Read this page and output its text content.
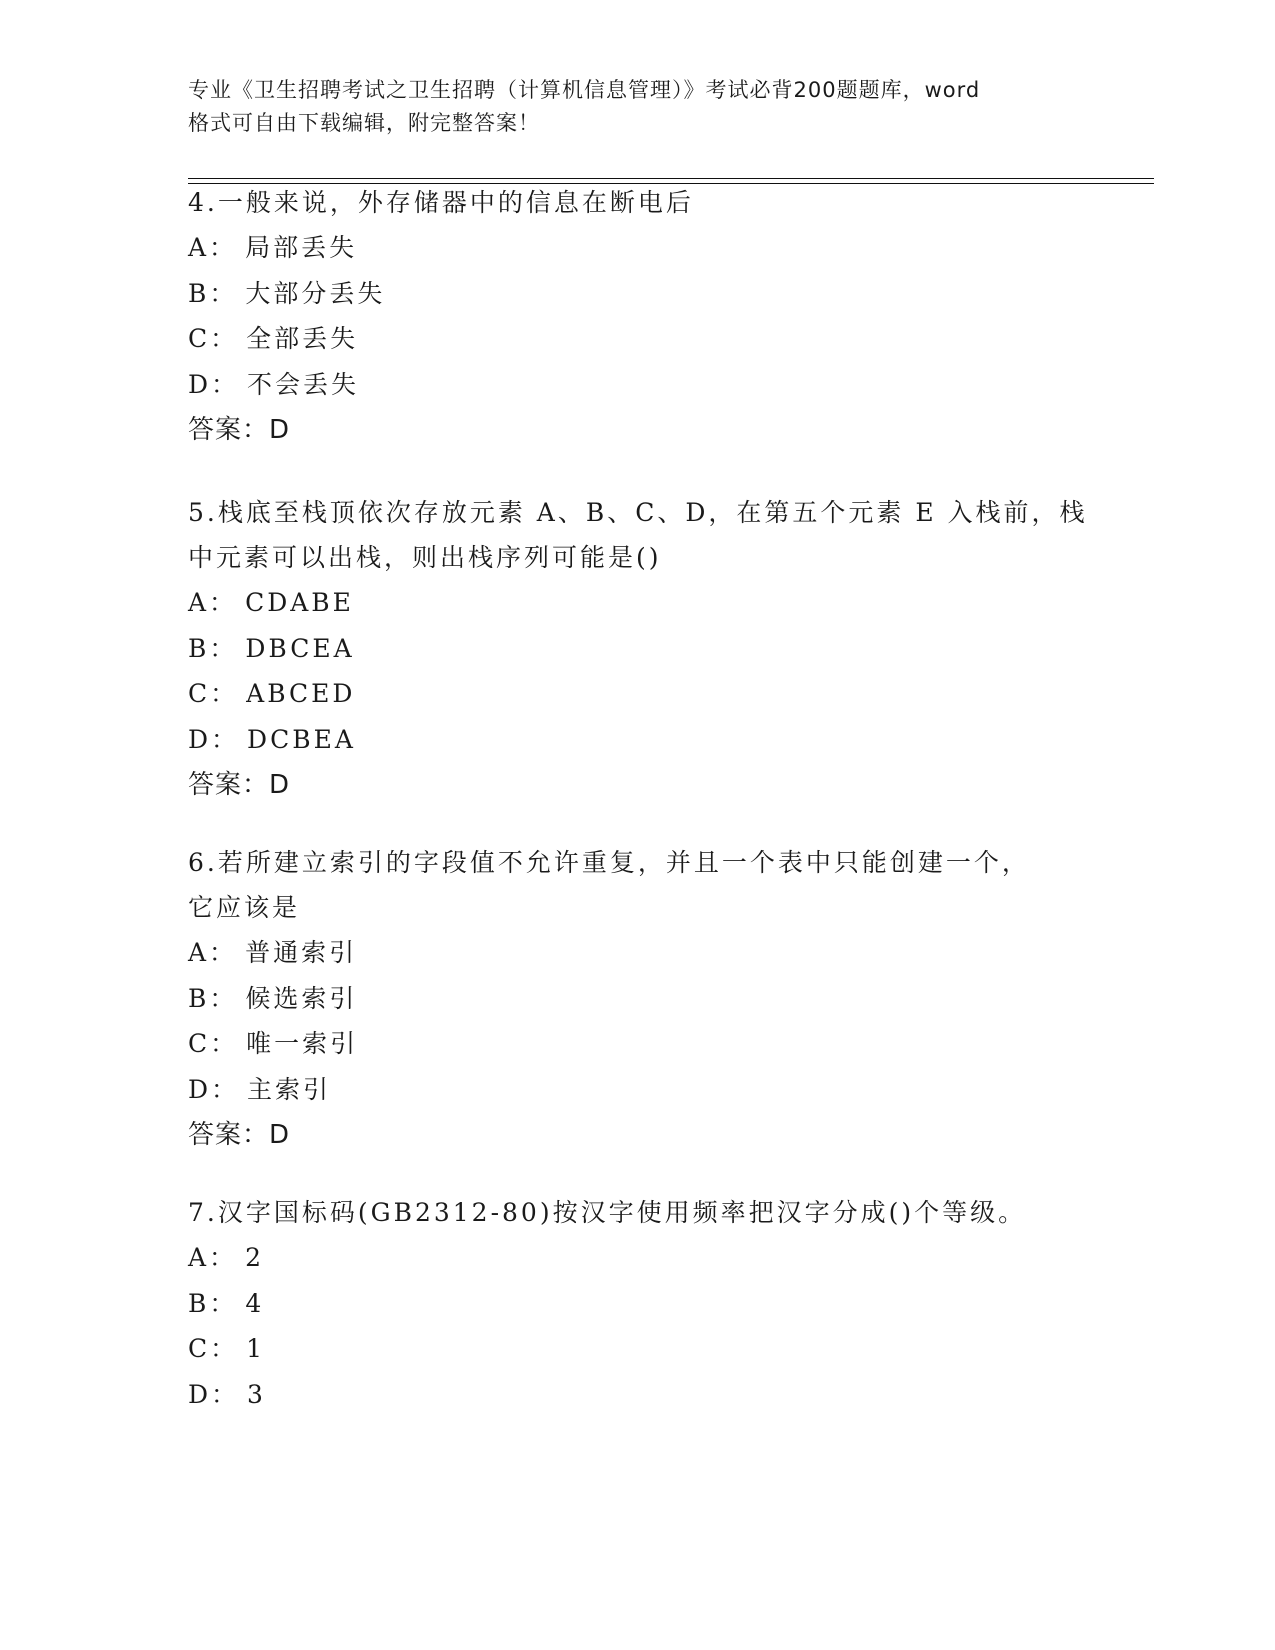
专业《卫生招聘考试之卫生招聘（计算机信息管理）》考试必背200题题库，word
格式可自由下载编辑，附完整答案！

4.一般来说，外存储器中的信息在断电后

A： 局部丢失

B： 大部分丢失

C： 全部丢失

D： 不会丢失

答案：D

5.栈底至栈顶依次存放元素 A、B、C、D，在第五个元素 E 入栈前，栈

中元素可以出栈，则出栈序列可能是()

A： CDABE

B： DBCEA

C： ABCED

D： DCBEA

答案：D

6.若所建立索引的字段值不允许重复，并且一个表中只能创建一个，

它应该是

A： 普通索引

B： 候选索引

C： 唯一索引

D： 主索引

答案：D

7.汉字国标码(GB2312-80)按汉字使用频率把汉字分成()个等级。

A： 2

B： 4

C： 1

D： 3
